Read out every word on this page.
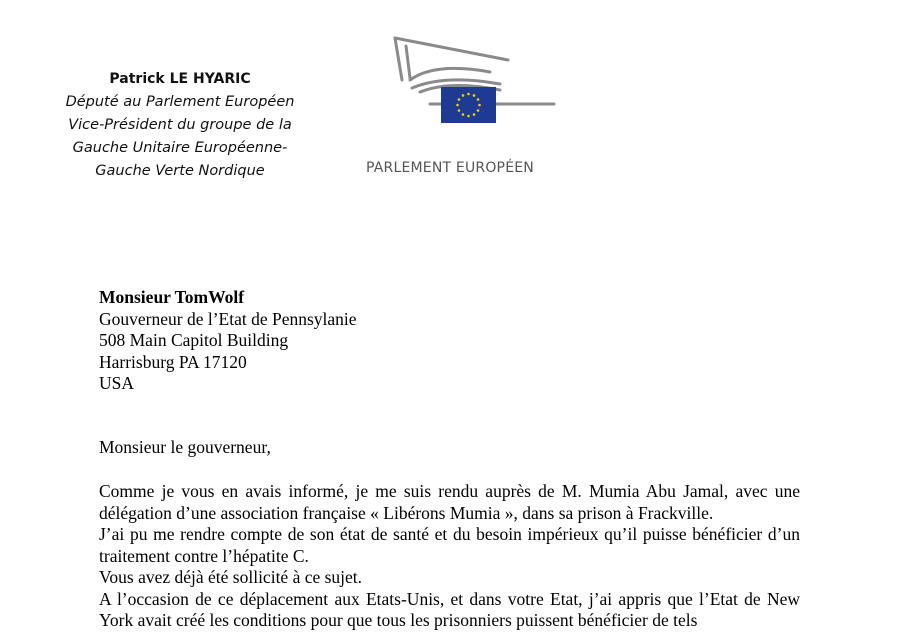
Patrick LE HYARIC
Député au Parlement Européen
Vice-Président du groupe de la
Gauche Unitaire Européenne-
Gauche Verte Nordique	PARLEMENT EUROPÉEN
Monsieur TomWolf
Gouverneur de l’Etat de Pennsylanie
508 Main Capitol Building
Harrisburg PA 17120
USA
Monsieur le gouverneur,

Comme je vous en avais informé, je me suis rendu auprès de M. Mumia Abu Jamal, avec une délégation d’une association française « Libérons Mumia », dans sa prison à Frackville.

J’ai pu me rendre compte de son état de santé et du besoin impérieux qu’il puisse bénéficier d’un traitement contre l’hépatite C.

Vous avez déjà été sollicité à ce sujet.

A l’occasion de ce déplacement aux Etats-Unis, et dans votre Etat, j’ai appris que l’Etat de New York avait créé les conditions pour que tous les prisonniers puissent bénéficier de tels
